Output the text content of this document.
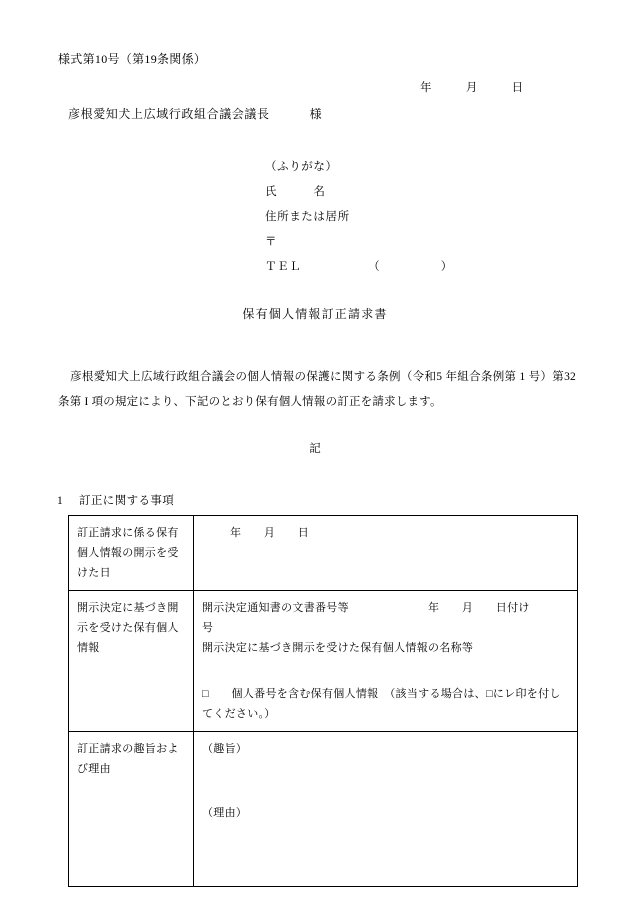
様式第10号（第19条関係）
年	月	日
彦根愛知犬上広域行政組合議会議長	様
（ふりがな）
氏　　　名
住所または居所
〒
ＴＥＬ　　　　　　（　　　　　）
保有個人情報訂正請求書
彦根愛知犬上広域行政組合議会の個人情報の保護に関する条例（令和5 年組合条例第 1 号）第32 条第 I 項の規定により、下記のとおり保有個人情報の訂正を請求します。
記
1 訂正に関する事項
訂正請求に係る保有個人情報の開示を受けた日	年　　月　　日

開示決定に基づき開示を受けた保有個人情報	開示決定通知書の文書番号等　　　　　　　年　　月　　日付け　　　　　号
開示決定に基づき開示を受けた保有個人情報の名称等
□　　個人番号を含む保有個人情報　（該当する場合は、□にレ印を付してください。）

訂正請求の趣旨および理由	（趣旨）
（理由）
